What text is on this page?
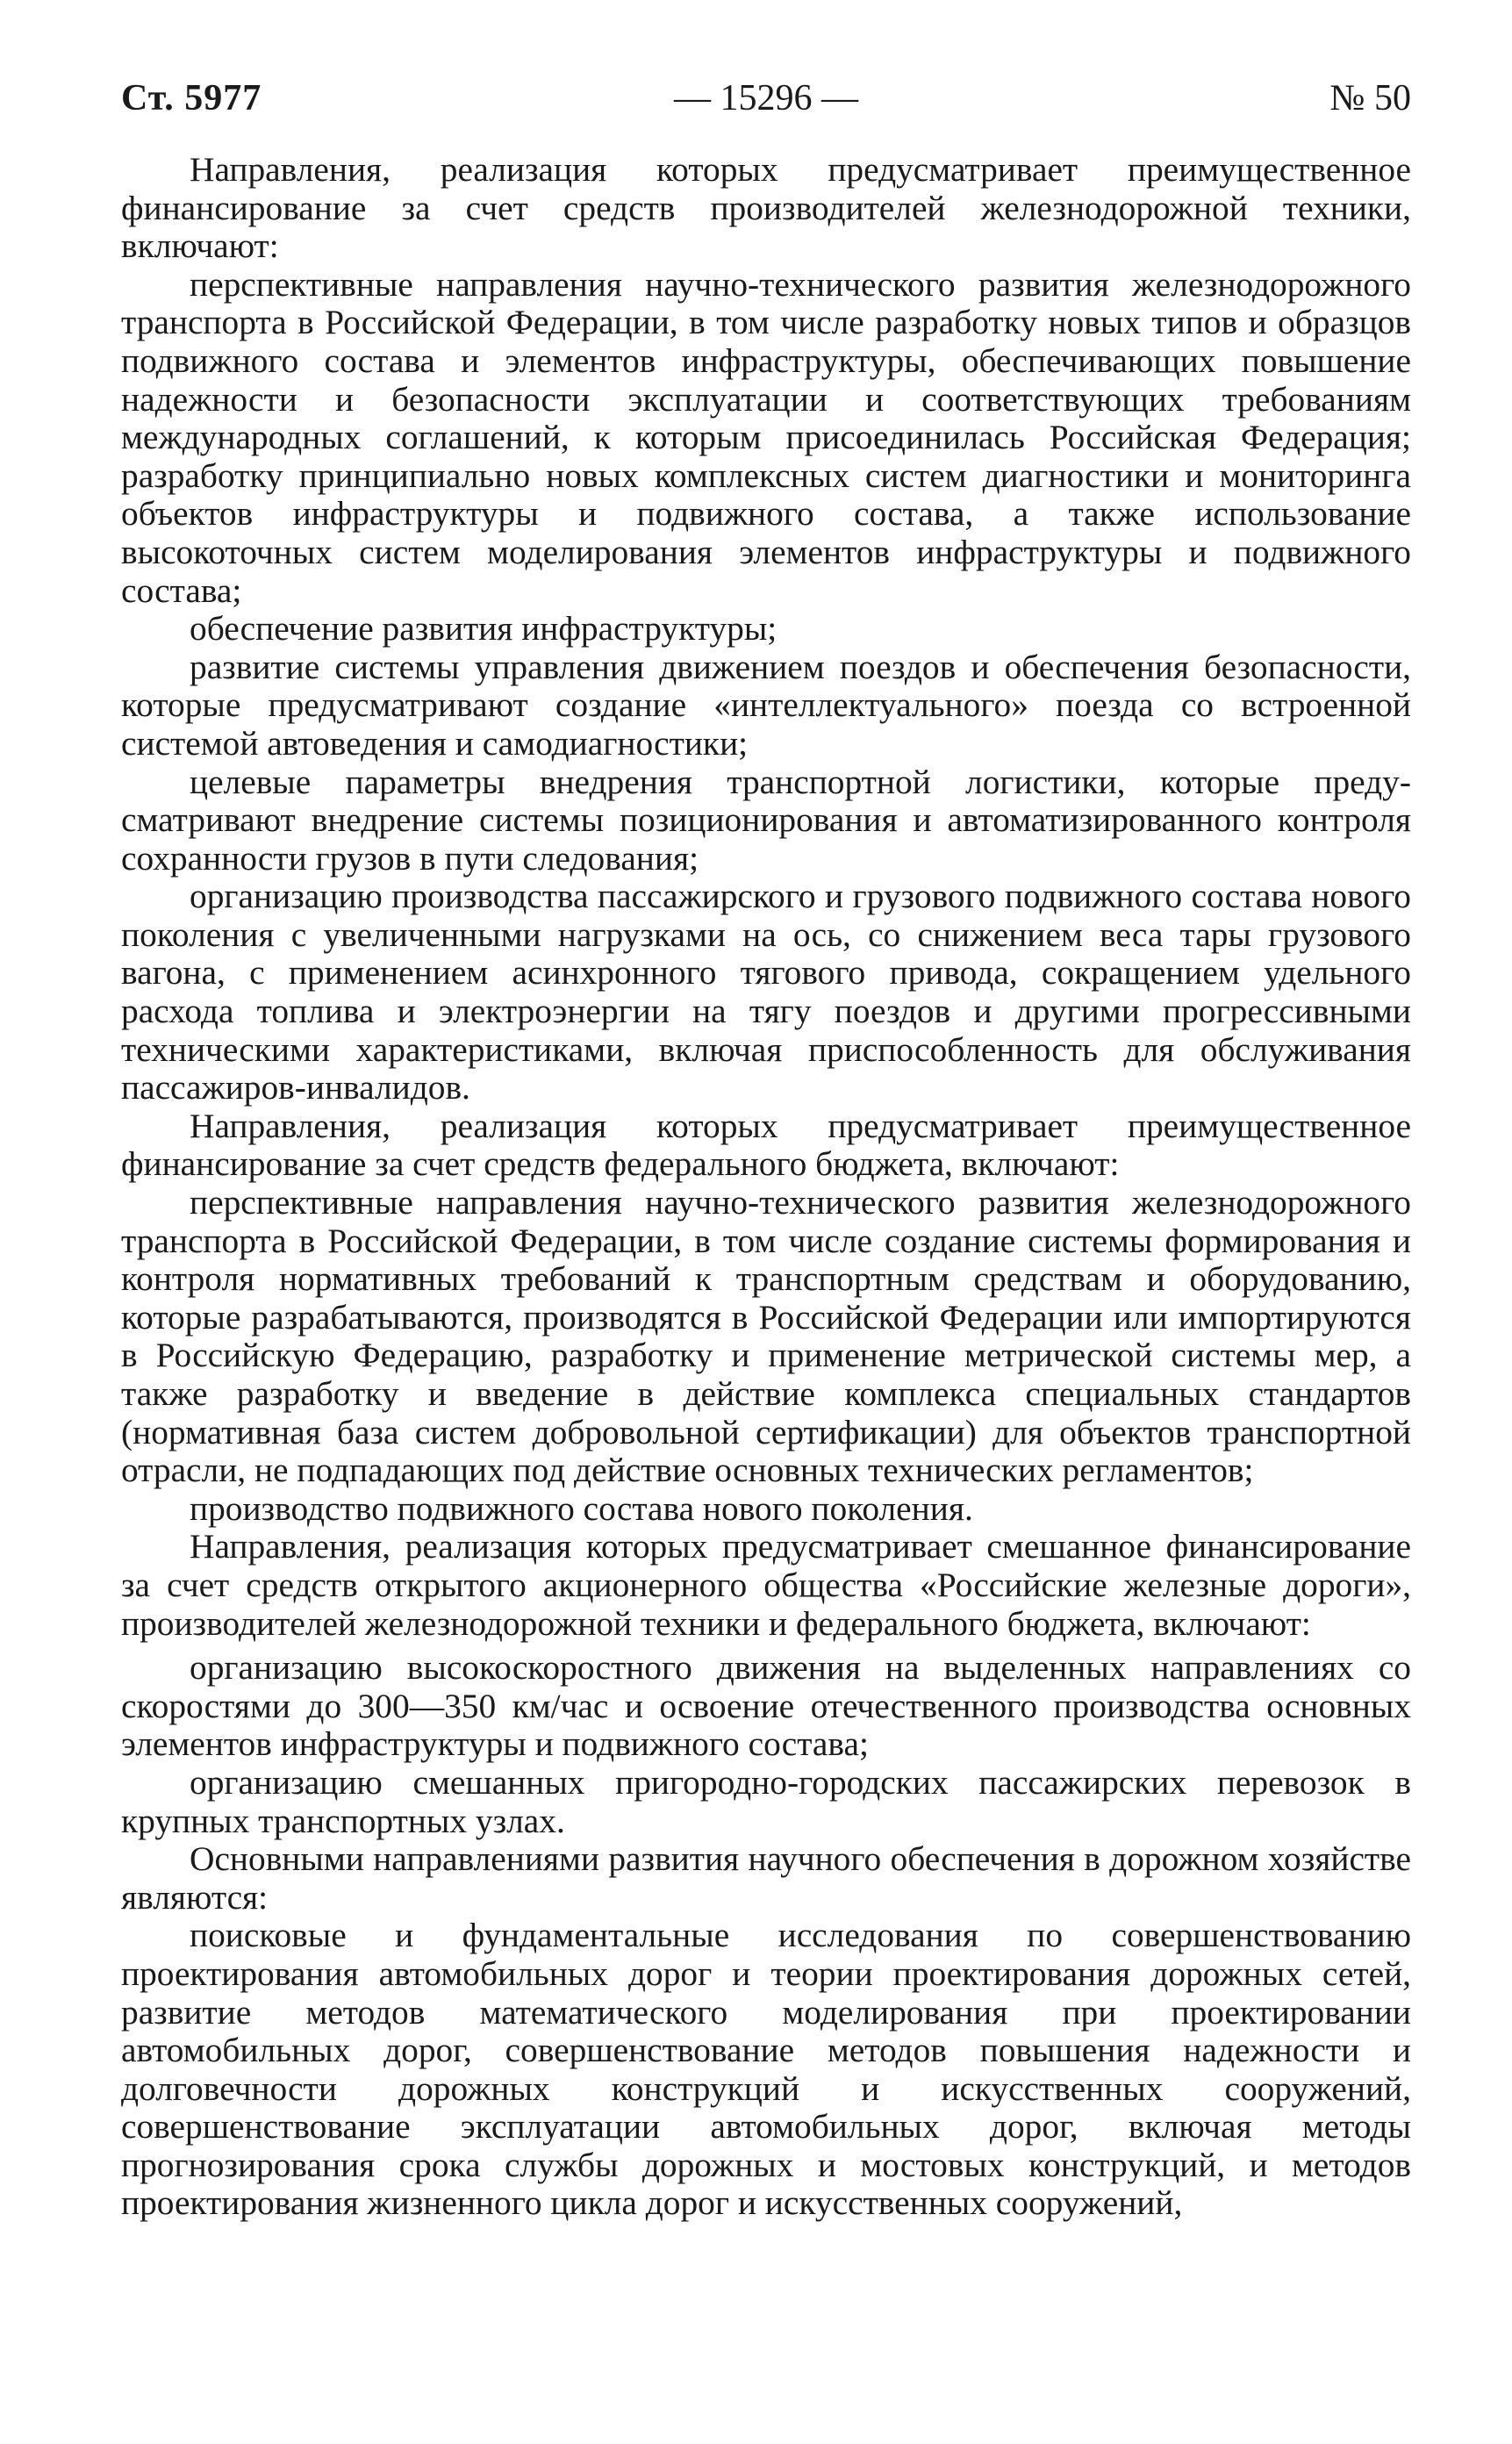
Ст. 5977	— 15296 —	№ 50

Направления, реализация которых предусматривает преимущественное финансирование за счет средств производителей железнодорожной техники, включают:

перспективные направления научно-технического развития железнодорожного транспорта в Российской Федерации, в том числе разработку новых типов и образцов подвижного состава и элементов инфраструктуры, обеспечивающих повышение надежности и безопасности эксплуатации и соответствующих требованиям международных соглашений, к которым присоединилась Российская Федерация; разработку принципиально новых комплексных систем диагностики и мониторинга объектов инфраструктуры и подвижного состава, а также использование высокоточных систем моделирования элементов инфраструктуры и подвижного состава;

обеспечение развития инфраструктуры;

развитие системы управления движением поездов и обеспечения безопасности, которые предусматривают создание «интеллектуального» поезда со встроенной системой автоведения и самодиагностики;

целевые параметры внедрения транспортной логистики, которые предусматривают внедрение системы позиционирования и автоматизированного контроля сохранности грузов в пути следования;

организацию производства пассажирского и грузового подвижного состава нового поколения с увеличенными нагрузками на ось, со снижением веса тары грузового вагона, с применением асинхронного тягового привода, сокращением удельного расхода топлива и электроэнергии на тягу поездов и другими прогрессивными техническими характеристиками, включая приспособленность для обслуживания пассажиров-инвалидов.

Направления, реализация которых предусматривает преимущественное финансирование за счет средств федерального бюджета, включают:

перспективные направления научно-технического развития железнодорожного транспорта в Российской Федерации, в том числе создание системы формирования и контроля нормативных требований к транспортным средствам и оборудованию, которые разрабатываются, производятся в Российской Федерации или импортируются в Российскую Федерацию, разработку и применение метрической системы мер, а также разработку и введение в действие комплекса специальных стандартов (нормативная база систем добровольной сертификации) для объектов транспортной отрасли, не подпадающих под действие основных технических регламентов;

производство подвижного состава нового поколения.

Направления, реализация которых предусматривает смешанное финансирование за счет средств открытого акционерного общества «Российские железные дороги», производителей железнодорожной техники и федерального бюджета, включают:

организацию высокоскоростного движения на выделенных направлениях со скоростями до 300—350 км/час и освоение отечественного производства основных элементов инфраструктуры и подвижного состава;

организацию смешанных пригородно-городских пассажирских перевозок в крупных транспортных узлах.

Основными направлениями развития научного обеспечения в дорожном хозяйстве являются:

поисковые и фундаментальные исследования по совершенствованию проектирования автомобильных дорог и теории проектирования дорожных сетей, развитие методов математического моделирования при проектировании автомобильных дорог, совершенствование методов повышения надежности и долговечности дорожных конструкций и искусственных сооружений, совершенствование эксплуатации автомобильных дорог, включая методы прогнозирования срока службы дорожных и мостовых конструкций, и методов проектирования жизненного цикла дорог и искусственных сооружений,
